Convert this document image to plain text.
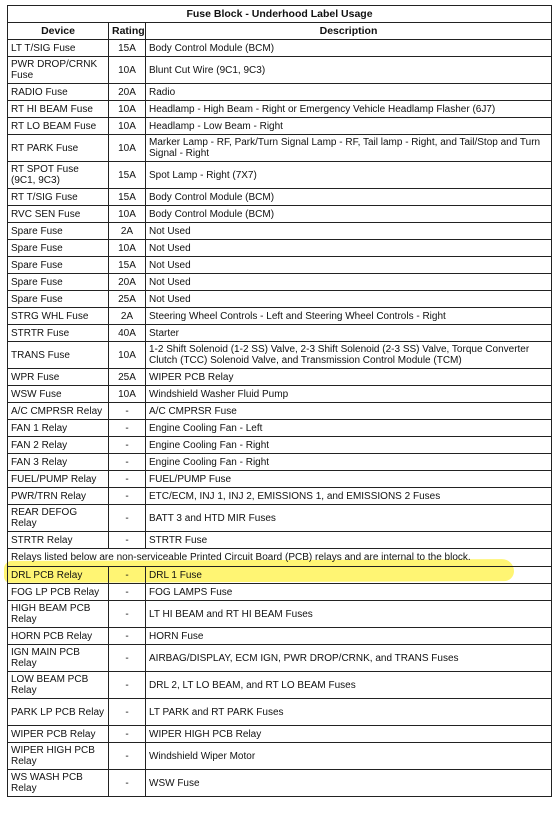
Fuse Block - Underhood Label Usage		
Device	Rating	Description
LT T/SIG Fuse	15A	Body Control Module (BCM)
PWR DROP/CRNK Fuse	10A	Blunt Cut Wire (9C1, 9C3)
RADIO Fuse	20A	Radio
RT HI BEAM Fuse	10A	Headlamp - High Beam - Right or Emergency Vehicle Headlamp Flasher (6J7)
RT LO BEAM Fuse	10A	Headlamp - Low Beam - Right
RT PARK Fuse	10A	Marker Lamp - RF, Park/Turn Signal Lamp - RF, Tail lamp - Right, and Tail/Stop and Turn Signal - Right
RT SPOT Fuse (9C1, 9C3)	15A	Spot Lamp - Right (7X7)
RT T/SIG Fuse	15A	Body Control Module (BCM)
RVC SEN Fuse	10A	Body Control Module (BCM)
Spare Fuse	2A	Not Used
Spare Fuse	10A	Not Used
Spare Fuse	15A	Not Used
Spare Fuse	20A	Not Used
Spare Fuse	25A	Not Used
STRG WHL Fuse	2A	Steering Wheel Controls - Left and Steering Wheel Controls - Right
STRTR Fuse	40A	Starter
TRANS Fuse	10A	1-2 Shift Solenoid (1-2 SS) Valve, 2-3 Shift Solenoid (2-3 SS) Valve, Torque Converter Clutch (TCC) Solenoid Valve, and Transmission Control Module (TCM)
WPR Fuse	25A	WIPER PCB Relay
WSW Fuse	10A	Windshield Washer Fluid Pump
A/C CMPRSR Relay	-	A/C CMPRSR Fuse
FAN 1 Relay	-	Engine Cooling Fan - Left
FAN 2 Relay	-	Engine Cooling Fan - Right
FAN 3 Relay	-	Engine Cooling Fan - Right
FUEL/PUMP Relay	-	FUEL/PUMP Fuse
PWR/TRN Relay	-	ETC/ECM, INJ 1, INJ 2, EMISSIONS 1, and EMISSIONS 2 Fuses
REAR DEFOG Relay	-	BATT 3 and HTD MIR Fuses
STRTR Relay	-	STRTR Fuse
Relays listed below are non-serviceable Printed Circuit Board (PCB) relays and are internal to the block.		
DRL PCB Relay	-	DRL 1 Fuse
FOG LP PCB Relay	-	FOG LAMPS Fuse
HIGH BEAM PCB Relay	-	LT HI BEAM and RT HI BEAM Fuses
HORN PCB Relay	-	HORN Fuse
IGN MAIN PCB Relay	-	AIRBAG/DISPLAY, ECM IGN, PWR DROP/CRNK, and TRANS Fuses
LOW BEAM PCB Relay	-	DRL 2, LT LO BEAM, and RT LO BEAM Fuses
PARK LP PCB Relay	-	LT PARK and RT PARK Fuses
WIPER PCB Relay	-	WIPER HIGH PCB Relay
WIPER HIGH PCB Relay	-	Windshield Wiper Motor
WS WASH PCB Relay	-	WSW Fuse
